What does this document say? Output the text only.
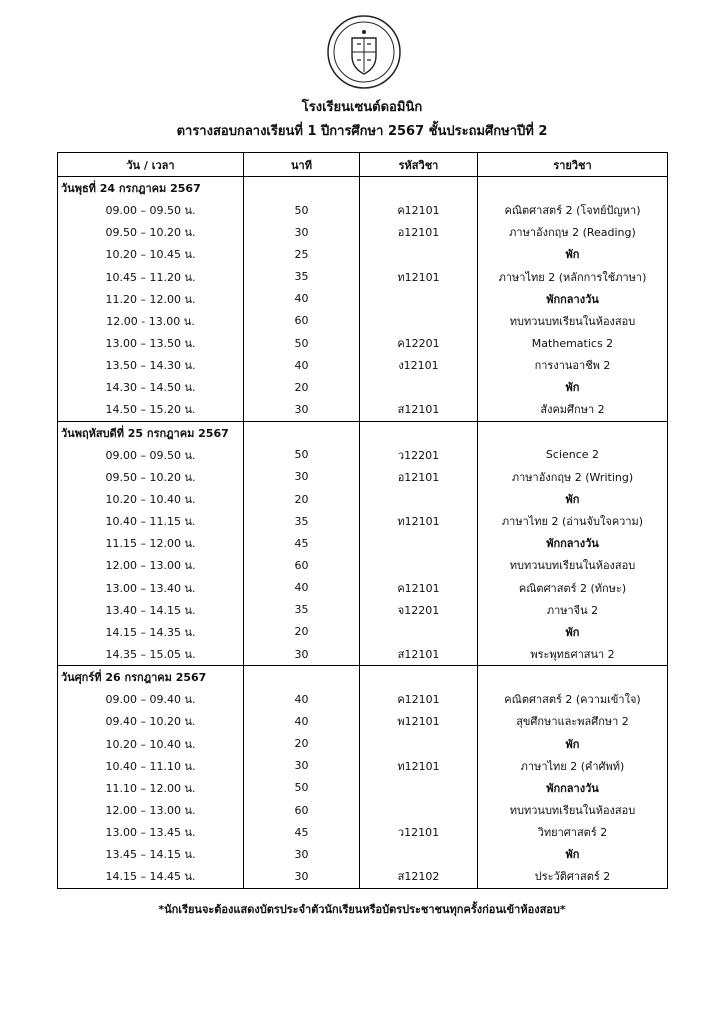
โรงเรียนเซนต์ดอมินิก
ตารางสอบกลางเรียนที่ 1 ปีการศึกษา 2567 ชั้นประถมศึกษาปีที่ 2
วัน / เวลา	นาที	รหัสวิชา	รายวิชา
วันพุธที่ 24 กรกฎาคม 2567			
09.00 – 09.50 น.	50	ค12101	คณิตศาสตร์ 2 (โจทย์ปัญหา)
09.50 – 10.20 น.	30	อ12101	ภาษาอังกฤษ 2 (Reading)
10.20 – 10.45 น.	25		พัก
10.45 – 11.20 น.	35	ท12101	ภาษาไทย 2 (หลักการใช้ภาษา)
11.20 – 12.00 น.	40		พักกลางวัน
12.00 - 13.00 น.	60		ทบทวนบทเรียนในห้องสอบ
13.00 – 13.50 น.	50	ค12201	Mathematics 2
13.50 – 14.30 น.	40	ง12101	การงานอาชีพ 2
14.30 – 14.50 น.	20		พัก
14.50 – 15.20 น.	30	ส12101	สังคมศึกษา 2
วันพฤหัสบดีที่ 25 กรกฎาคม 2567			
09.00 – 09.50 น.	50	ว12201	Science 2
09.50 – 10.20 น.	30	อ12101	ภาษาอังกฤษ 2 (Writing)
10.20 – 10.40 น.	20		พัก
10.40 – 11.15 น.	35	ท12101	ภาษาไทย 2 (อ่านจับใจความ)
11.15 – 12.00 น.	45		พักกลางวัน
12.00 – 13.00 น.	60		ทบทวนบทเรียนในห้องสอบ
13.00 – 13.40 น.	40	ค12101	คณิตศาสตร์ 2 (ทักษะ)
13.40 – 14.15 น.	35	จ12201	ภาษาจีน 2
14.15 – 14.35 น.	20		พัก
14.35 – 15.05 น.	30	ส12101	พระพุทธศาสนา 2
วันศุกร์ที่ 26 กรกฎาคม 2567			
09.00 – 09.40 น.	40	ค12101	คณิตศาสตร์ 2 (ความเข้าใจ)
09.40 – 10.20 น.	40	พ12101	สุขศึกษาและพลศึกษา 2
10.20 – 10.40 น.	20		พัก
10.40 – 11.10 น.	30	ท12101	ภาษาไทย 2 (คำศัพท์)
11.10 – 12.00 น.	50		พักกลางวัน
12.00 – 13.00 น.	60		ทบทวนบทเรียนในห้องสอบ
13.00 – 13.45 น.	45	ว12101	วิทยาศาสตร์ 2
13.45 – 14.15 น.	30		พัก
14.15 – 14.45 น.	30	ส12102	ประวัติศาสตร์ 2
*นักเรียนจะต้องแสดงบัตรประจำตัวนักเรียนหรือบัตรประชาชนทุกครั้งก่อนเข้าห้องสอบ*
